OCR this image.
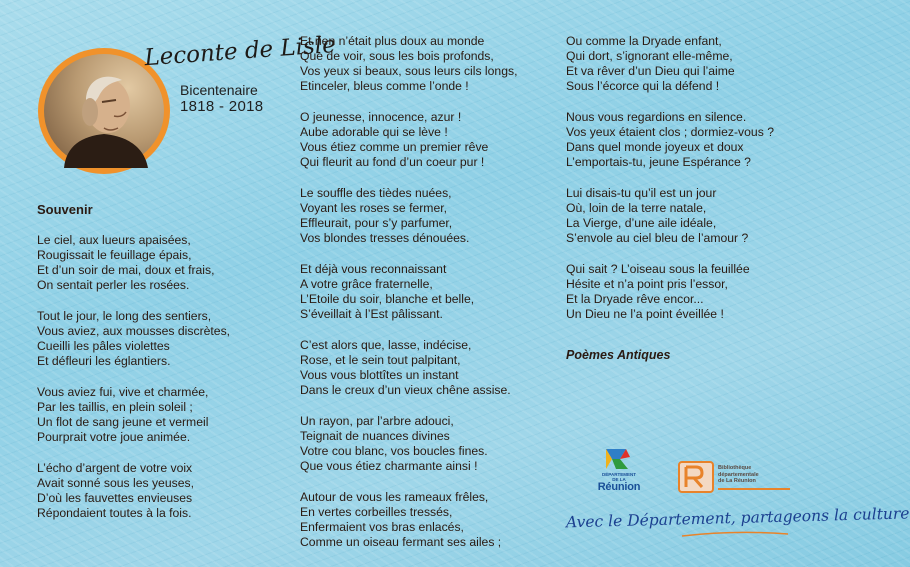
Leconte de Lisle
Bicentenaire
1818 - 2018
Souvenir
Le ciel, aux lueurs apaisées,
Rougissait le feuillage épais,
Et d’un soir de mai, doux et frais,
On sentait perler les rosées.
Tout le jour, le long des sentiers,
Vous aviez, aux mousses discrètes,
Cueilli les pâles violettes
Et défleuri les églantiers.
Vous aviez fui, vive et charmée,
Par les taillis, en plein soleil ;
Un flot de sang jeune et vermeil
Pourprait votre joue animée.
L’écho d’argent de votre voix
Avait sonné sous les yeuses,
D’où les fauvettes envieuses
Répondaient toutes à la fois.
Et rien n’était plus doux au monde
Que de voir, sous les bois profonds,
Vos yeux si beaux, sous leurs cils longs,
Etinceler, bleus comme l’onde !
O jeunesse, innocence, azur !
Aube adorable qui se lève !
Vous étiez comme un premier rêve
Qui fleurit au fond d’un coeur pur !
Le souffle des tièdes nuées,
Voyant les roses se fermer,
Effleurait, pour s’y parfumer,
Vos blondes tresses dénouées.
Et déjà vous reconnaissant
A votre grâce fraternelle,
L’Etoile du soir, blanche et belle,
S’éveillait à l’Est pâlissant.
C’est alors que, lasse, indécise,
Rose, et le sein tout palpitant,
Vous vous blottîtes un instant
Dans le creux d’un vieux chêne assise.
Un rayon, par l’arbre adouci,
Teignait de nuances divines
Votre cou blanc, vos boucles fines.
Que vous étiez charmante ainsi !
Autour de vous les rameaux frêles,
En vertes corbeilles tressés,
Enfermaient vos bras enlacés,
Comme un oiseau fermant ses ailes ;
Ou comme la Dryade enfant,
Qui dort, s’ignorant elle-même,
Et va rêver d’un Dieu qui l’aime
Sous l’écorce qui la défend !
Nous vous regardions en silence.
Vos yeux étaient clos ; dormiez-vous ?
Dans quel monde joyeux et doux
L’emportais-tu, jeune Espérance ?
Lui disais-tu qu’il est un jour
Où, loin de la terre natale,
La Vierge, d’une aile idéale,
S’envole au ciel bleu de l’amour ?
Qui sait ? L’oiseau sous la feuillée
Hésite et n’a point pris l’essor,
Et la Dryade rêve encor...
Un Dieu ne l’a point éveillée !
Poèmes Antiques
DÉPARTEMENT
DE LA
Réunion
Bibliothèque
départementale
de La Réunion
Avec le Département, partageons la culture
